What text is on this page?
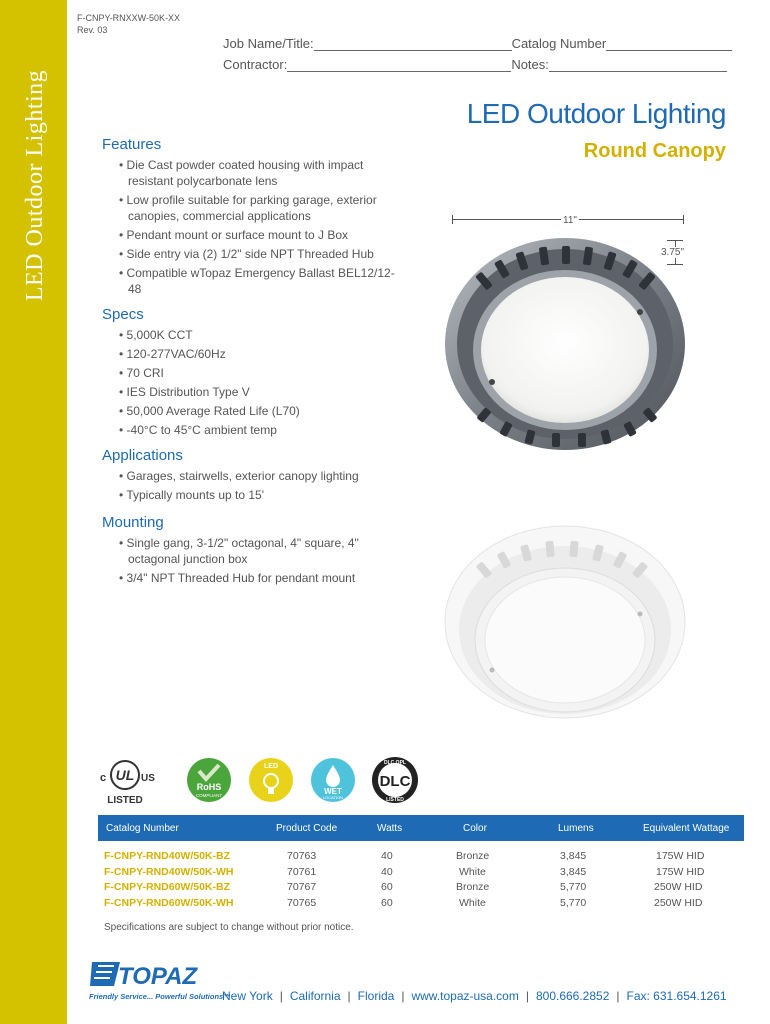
LED Outdoor Lighting
F-CNPY-RNXXW-50K-XX
Rev. 03
Job Name/Title:	Catalog Number
Contractor:	Notes:
LED Outdoor Lighting
Round Canopy
Features
• Die Cast powder coated housing with impact resistant polycarbonate lens
• Low profile suitable for parking garage, exterior canopies, commercial applications
• Pendant mount or surface mount to J Box
• Side entry via (2) 1/2" side NPT Threaded Hub
• Compatible wTopaz Emergency Ballast BEL12/12-48
Specs
• 5,000K CCT
• 120-277VAC/60Hz
• 70 CRI
• IES Distribution Type V
• 50,000 Average Rated Life (L70)
• -40°C to 45°C ambient temp
Applications
• Garages, stairwells, exterior canopy lighting
• Typically mounts up to 15'
Mounting
• Single gang, 3-1/2" octagonal, 4" square, 4" octagonal junction box
• 3/4" NPT Threaded Hub for pendant mount
11"
3.75"
UL
c	US
LISTED
RoHS
COMPLIANT
LED
WET
LOCATION
DLC QPL
DLC
LISTED
Catalog Number	Product Code	Watts	Color	Lumens	Equivalent Wattage
F-CNPY-RND40W/50K-BZ	70763	40	Bronze	3,845	175W HID
F-CNPY-RND40W/50K-WH	70761	40	White	3,845	175W HID
F-CNPY-RND60W/50K-BZ	70767	60	Bronze	5,770	250W HID
F-CNPY-RND60W/50K-WH	70765	60	White	5,770	250W HID
Specifications are subject to change without prior notice.
TOPAZ
Friendly Service... Powerful Solutions™
New York | California | Florida | www.topaz-usa.com | 800.666.2852 | Fax: 631.654.1261
